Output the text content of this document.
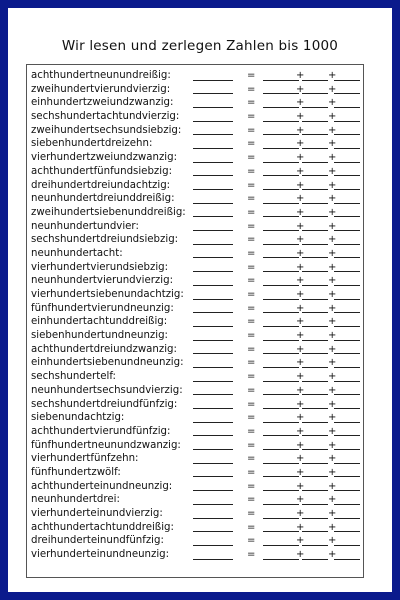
Wir lesen und zerlegen Zahlen bis 1000
achthundertneunundreißig:	=	+ +
zweihundertvierundvierzig:	=	+ +
einhundertzweiundzwanzig:	=	+ +
sechshundertachtundvierzig:	=	+ +
zweihundertsechsundsiebzig:	=	+ +
siebenhundertdreizehn:	=	+ +
vierhundertzweiundzwanzig:	=	+ +
achthundertfünfundsiebzig:	=	+ +
dreihundertdreiundachtzig:	=	+ +
neunhundertdreiunddreißig:	=	+ +
zweihundertsiebenunddreißig:	=	+ +
neunhundertundvier:	=	+ +
sechshundertdreiundsiebzig:	=	+ +
neunhundertacht:	=	+ +
vierhundertvierundsiebzig:	=	+ +
neunhundertvierundvierzig:	=	+ +
vierhundertsiebenundachtzig:	=	+ +
fünfhundertvierundneunzig:	=	+ +
einhundertachtunddreißig:	=	+ +
siebenhundertundneunzig:	=	+ +
achthundertdreiundzwanzig:	=	+ +
einhundertsiebenundneunzig:	=	+ +
sechshundertelf:	=	+ +
neunhundertsechsundvierzig:	=	+ +
sechshundertdreiundfünfzig:	=	+ +
siebenundachtzig:	=	+ +
achthundertvierundfünfzig:	=	+ +
fünfhundertneunundzwanzig:	=	+ +
vierhundertfünfzehn:	=	+ +
fünfhundertzwölf:	=	+ +
achthunderteinundneunzig:	=	+ +
neunhundertdrei:	=	+ +
vierhunderteinundvierzig:	=	+ +
achthundertachtunddreißig:	=	+ +
dreihunderteinundfünfzig:	=	+ +
vierhunderteinundneunzig:	=	+ +
